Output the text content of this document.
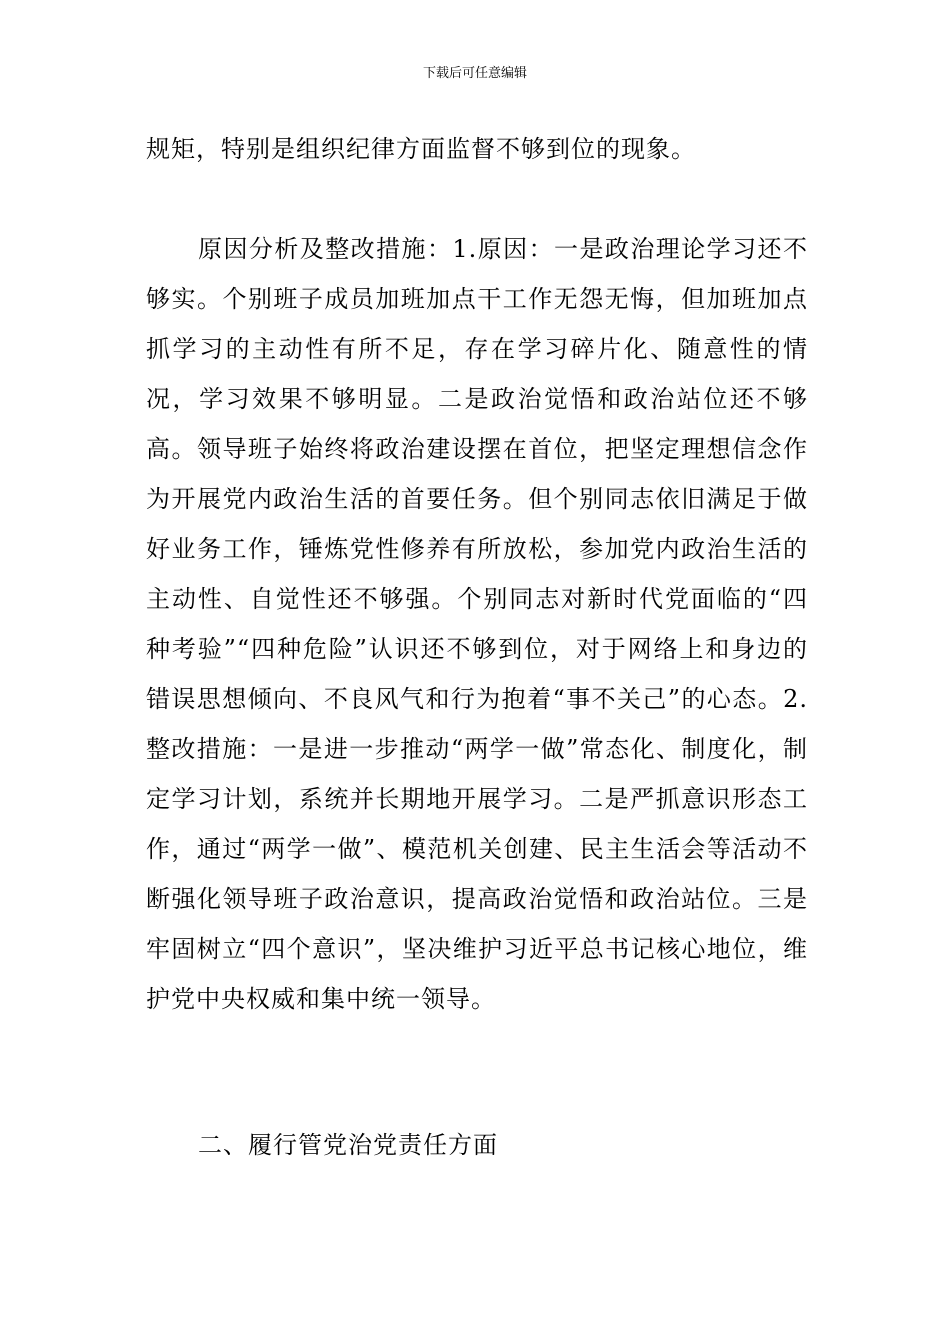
下载后可任意编辑

规矩，特别是组织纪律方面监督不够到位的现象。

原因分析及整改措施：1.原因：一是政治理论学习还不够实。个别班子成员加班加点干工作无怨无悔，但加班加点抓学习的主动性有所不足，存在学习碎片化、随意性的情况，学习效果不够明显。二是政治觉悟和政治站位还不够高。领导班子始终将政治建设摆在首位，把坚定理想信念作为开展党内政治生活的首要任务。但个别同志依旧满足于做好业务工作，锤炼党性修养有所放松，参加党内政治生活的主动性、自觉性还不够强。个别同志对新时代党面临的“四种考验”“四种危险”认识还不够到位，对于网络上和身边的错误思想倾向、不良风气和行为抱着“事不关己”的心态。2.整改措施：一是进一步推动“两学一做”常态化、制度化，制定学习计划，系统并长期地开展学习。二是严抓意识形态工作，通过“两学一做”、模范机关创建、民主生活会等活动不断强化领导班子政治意识，提高政治觉悟和政治站位。三是牢固树立“四个意识”，坚决维护习近平总书记核心地位，维护党中央权威和集中统一领导。

二、履行管党治党责任方面
